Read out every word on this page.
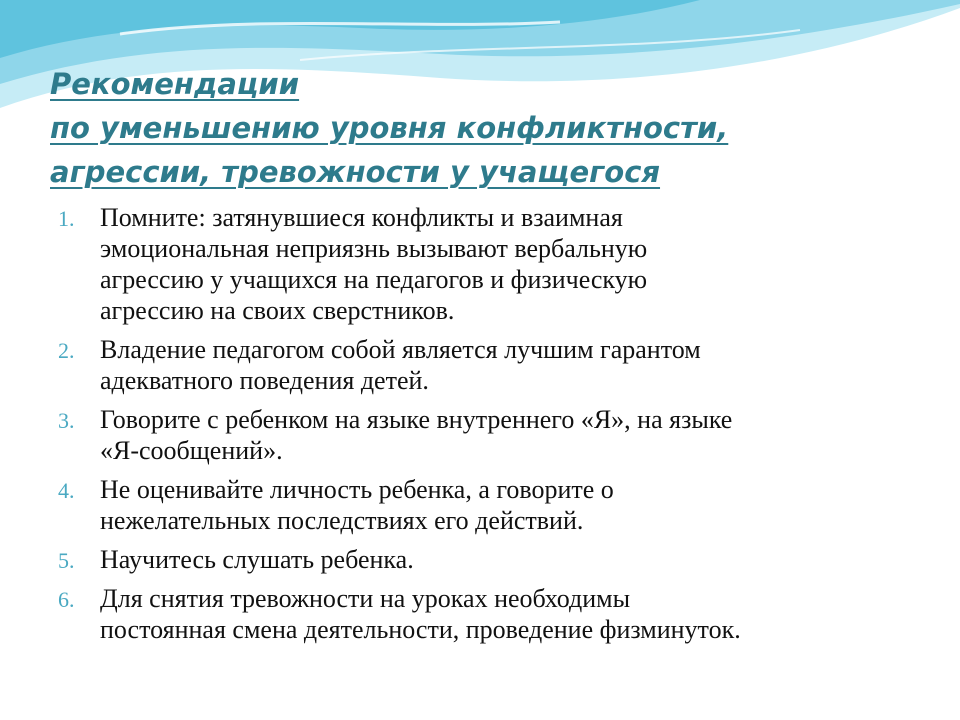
Рекомендации
по уменьшению уровня конфликтности,
агрессии, тревожности у учащегося
1. Помните: затянувшиеся конфликты и взаимная
эмоциональная неприязнь вызывают вербальную
агрессию у учащихся на педагогов и физическую
агрессию на своих сверстников.
2. Владение педагогом собой является лучшим гарантом
адекватного поведения детей.
3. Говорите с ребенком на языке внутреннего «Я», на языке
«Я-сообщений».
4. Не оценивайте личность ребенка, а говорите о
нежелательных последствиях его действий.
5. Научитесь слушать ребенка.
6. Для снятия тревожности на уроках необходимы
постоянная смена деятельности, проведение физминуток.
